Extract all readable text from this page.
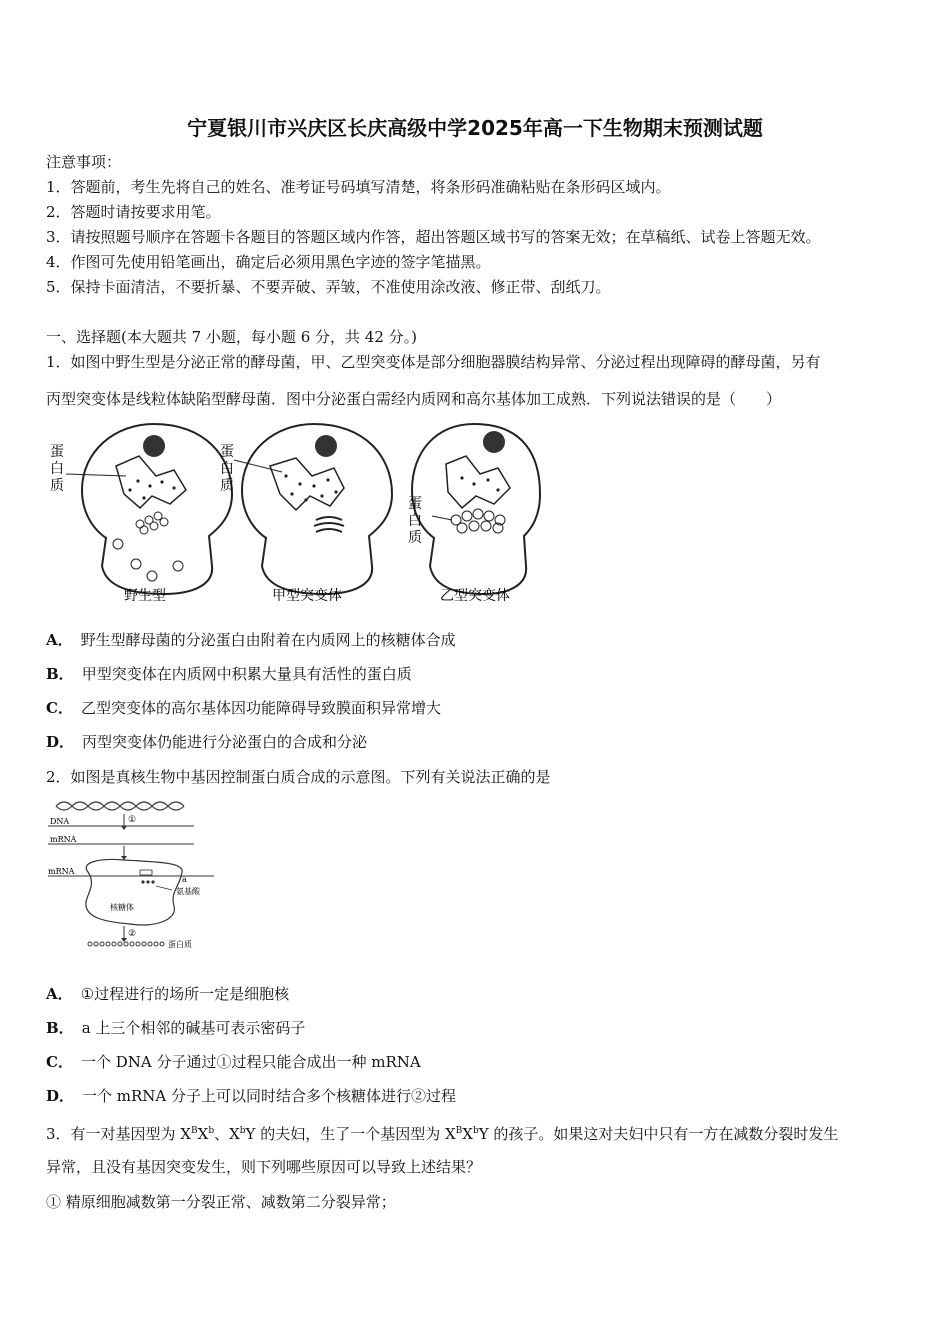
宁夏银川市兴庆区长庆高级中学2025年高一下生物期末预测试题
注意事项：
1．答题前，考生先将自己的姓名、准考证号码填写清楚，将条形码准确粘贴在条形码区域内。
2．答题时请按要求用笔。
3．请按照题号顺序在答题卡各题目的答题区域内作答，超出答题区域书写的答案无效；在草稿纸、试卷上答题无效。
4．作图可先使用铅笔画出，确定后必须用黑色字迹的签字笔描黑。
5．保持卡面清洁，不要折暴、不要弄破、弄皱，不准使用涂改液、修正带、刮纸刀。
一、选择题(本大题共 7 小题，每小题 6 分，共 42 分。)
1．如图中野生型是分泌正常的酵母菌，甲、乙型突变体是部分细胞器膜结构异常、分泌过程出现障碍的酵母菌，另有
丙型突变体是线粒体缺陷型酵母菌．图中分泌蛋白需经内质网和高尔基体加工成熟．下列说法错误的是（　　）
蛋白质
蛋白质
蛋白质
野生型	甲型突变体	乙型突变体
A． 野生型酵母菌的分泌蛋白由附着在内质网上的核糖体合成
B． 甲型突变体在内质网中积累大量具有活性的蛋白质
C． 乙型突变体的高尔基体因功能障碍导致膜面积异常增大
D． 丙型突变体仍能进行分泌蛋白的合成和分泌
2．如图是真核生物中基因控制蛋白质合成的示意图。下列有关说法正确的是
DNA	①
mRNA
mRNA
a
氨基酸
核糖体
②
蛋白质
A． ①过程进行的场所一定是细胞核
B． a 上三个相邻的碱基可表示密码子
C． 一个 DNA 分子通过①过程只能合成出一种 mRNA
D． 一个 mRNA 分子上可以同时结合多个核糖体进行②过程
3．有一对基因型为 $X^BX^b$、$X^bY$ 的夫妇，生了一个基因型为 $X^BX^bY$ 的孩子。如果这对夫妇中只有一方在减数分裂时发生
异常，且没有基因突变发生，则下列哪些原因可以导致上述结果？
① 精原细胞减数第一分裂正常、减数第二分裂异常；
